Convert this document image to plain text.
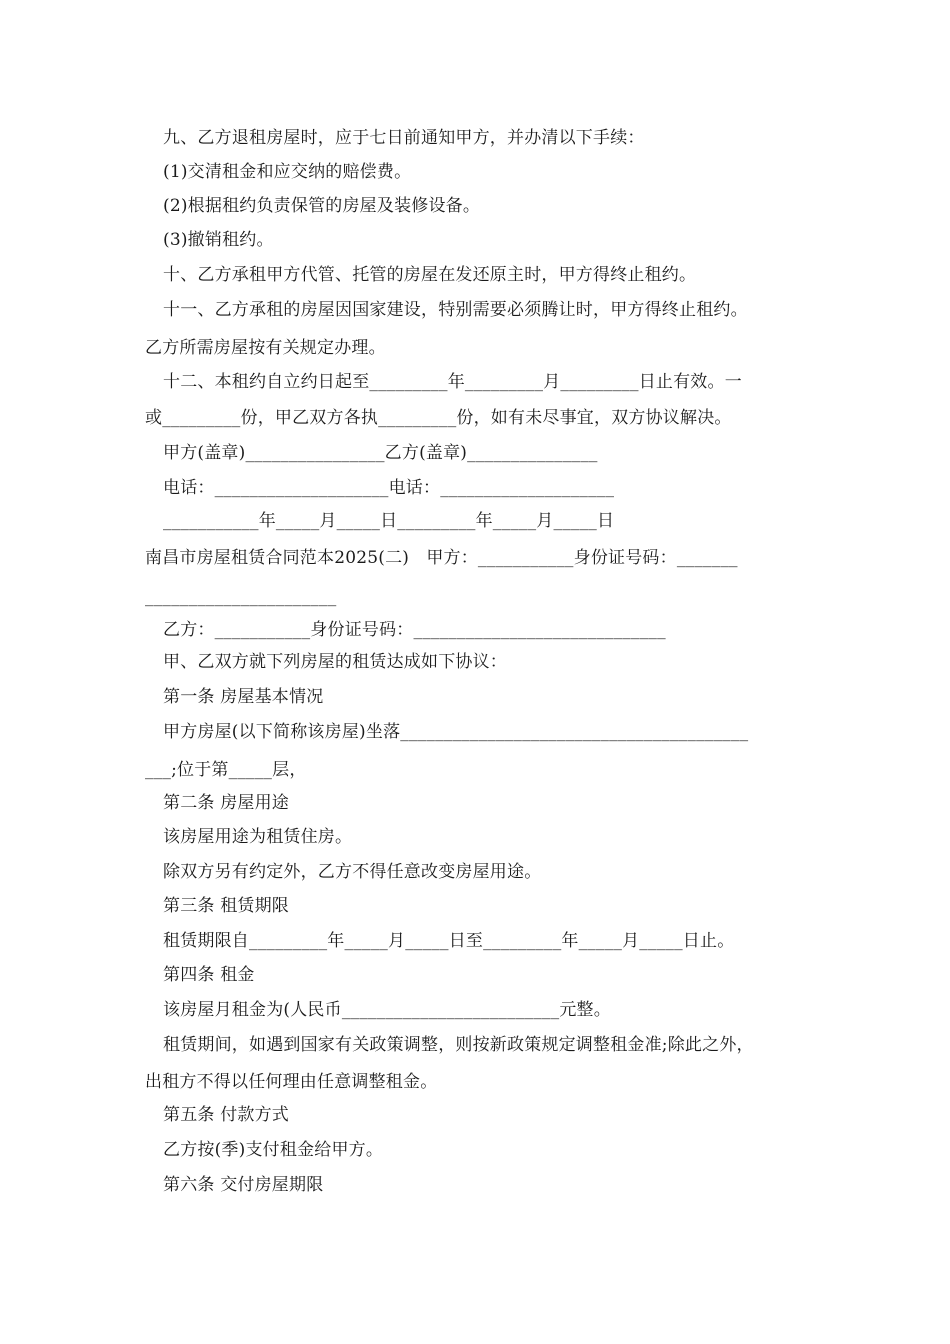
九、乙方退租房屋时，应于七日前通知甲方，并办清以下手续：
(1)交清租金和应交纳的赔偿费。
(2)根据租约负责保管的房屋及装修设备。
(3)撤销租约。
十、乙方承租甲方代管、托管的房屋在发还原主时，甲方得终止租约。
十一、乙方承租的房屋因国家建设，特别需要必须腾让时，甲方得终止租约。
乙方所需房屋按有关规定办理。
十二、本租约自立约日起至_________年_________月_________日止有效。一
或_________份，甲乙双方各执_________份，如有未尽事宜，双方协议解决。
甲方(盖章)________________乙方(盖章)_______________
电话：____________________电话：____________________
___________年_____月_____日_________年_____月_____日
南昌市房屋租赁合同范本2025(二)　甲方：___________身份证号码：_______
______________________
乙方：___________身份证号码：_____________________________
甲、乙双方就下列房屋的租赁达成如下协议：
第一条 房屋基本情况
甲方房屋(以下简称该房屋)坐落________________________________________
___;位于第_____层，
第二条 房屋用途
该房屋用途为租赁住房。
除双方另有约定外，乙方不得任意改变房屋用途。
第三条 租赁期限
租赁期限自_________年_____月_____日至_________年_____月_____日止。
第四条 租金
该房屋月租金为(人民币_________________________元整。
租赁期间，如遇到国家有关政策调整，则按新政策规定调整租金准;除此之外，
出租方不得以任何理由任意调整租金。
第五条 付款方式
乙方按(季)支付租金给甲方。
第六条 交付房屋期限
